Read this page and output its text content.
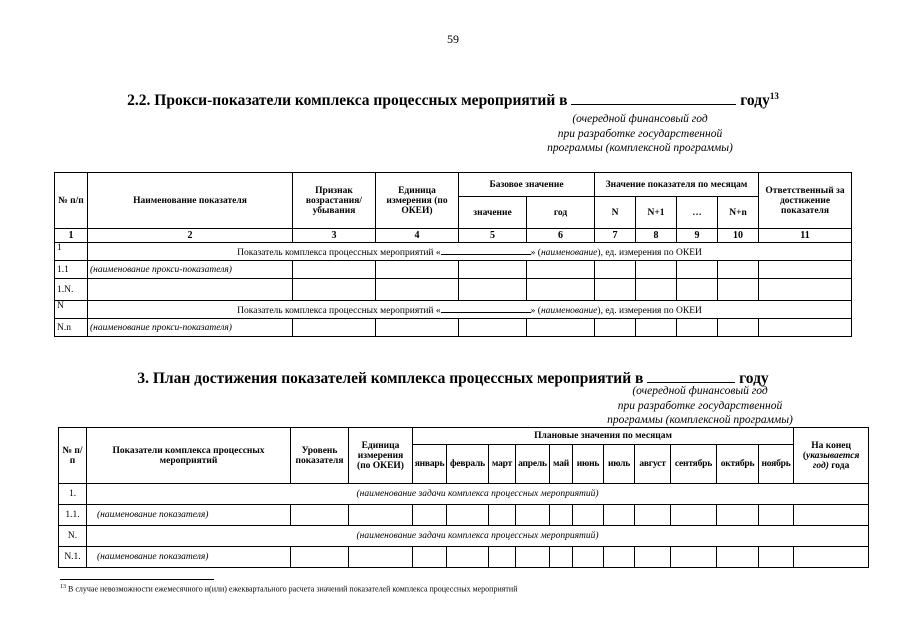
59
2.2. Прокси-показатели комплекса процессных мероприятий в	году$^{13}$
(очередной финансовый год
при разработке государственной
программы (комплексной программы)
№ п/п	Наименование показателя	Признак возрастания/ убывания	Единица измерения (по ОКЕИ)	Базовое значение		Значение показателя по месяцам				Ответственный за достижение показателя
				значение	год	N	N+1	…	N+n	
1	2	3	4	5	6	7	8	9	10	11
1	Показатель комплекса процессных мероприятий « » (наименование), ед. измерения по ОКЕИ									
1.1	(наименование прокси-показателя)									
1.N.										
N	Показатель комплекса процессных мероприятий « » (наименование), ед. измерения по ОКЕИ									
N.n	(наименование прокси-показателя)									
3. План достижения показателей комплекса процессных мероприятий в	году
(очередной финансовый год
при разработке государственной
программы (комплексной программы)
№ п/п	Показатели комплекса процессных мероприятий	Уровень показателя	Единица измерения (по ОКЕИ)	Плановые значения по месяцам											На конец (указывается год) года
				январь	февраль	март	апрель	май	июнь	июль	август	сентябрь	октябрь	ноябрь	
1.	(наименование задачи комплекса процессных мероприятий)														
1.1.	(наименование показателя)														
N.	(наименование задачи комплекса процессных мероприятий)														
N.1.	(наименование показателя)														
$^{13}$ В случае невозможности ежемесячного и(или) ежеквартального расчета значений показателей комплекса процессных мероприятий
